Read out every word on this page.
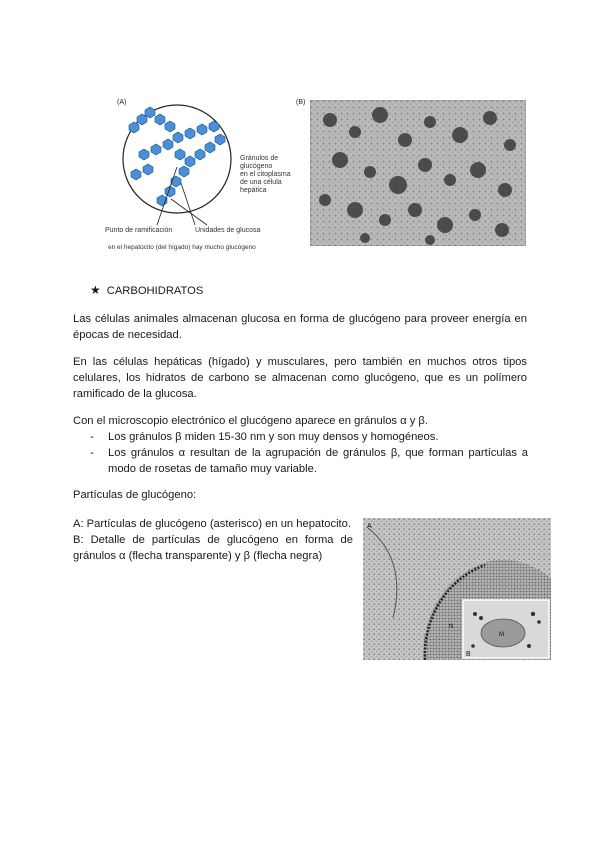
(A)
Punto de ramificación	Unidades de glucosa
en el hepatocito (del hígado) hay mucho glucógeno
(B)
Gránulos de
glucógeno
en el citoplasma
de una célula
hepática
★ CARBOHIDRATOS
Las células animales almacenan glucosa en forma de glucógeno para proveer energía en épocas de necesidad.
En las células hepáticas (hígado) y musculares, pero también en muchos otros tipos celulares, los hidratos de carbono se almacenan como glucógeno, que es un polímero ramificado de la glucosa.
Con el microscopio electrónico el glucógeno aparece en gránulos α y β.
- Los gránulos β miden 15-30 nm y son muy densos y homogéneos.
- Los gránulos α resultan de la agrupación de gránulos β, que forman partículas a modo de rosetas de tamaño muy variable.
Partículas de glucógeno:
A: Partículas de glucógeno (asterisco) en un hepatocito.
B: Detalle de partículas de glucógeno en forma de gránulos α (flecha transparente) y β (flecha negra)
A
B
M
N
